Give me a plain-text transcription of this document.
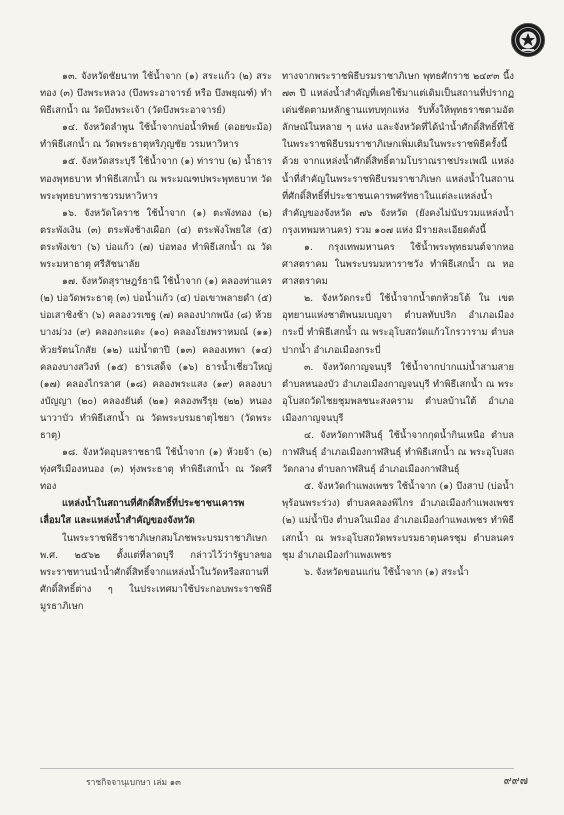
๑๓. จังหวัดชัยนาท ใช้น้ำจาก (๑) สระแก้ว (๒) สระทอง (๓) บึงพระหลวง (บึงพระอาจารย์ หรือ บึงพยุณฑ์) ทำพิธีเสกน้ำ ณ วัดบึงพระเจ้า (วัดบึงพระอาจารย์)

๑๔. จังหวัดลำพูน ใช้น้ำจากบ่อน้ำทิพย์ (ดอยขะม้อ) ทำพิธีเสกน้ำ ณ วัดพระธาตุหริภุญชัย วรมหาวิหาร

๑๕. จังหวัดสระบุรี ใช้น้ำจาก (๑) ท่าราบ (๒) น้ำธารทองพุทธบาท ทำพิธีเสกน้ำ ณ พระมณฑปพระพุทธบาท วัดพระพุทธบาทราชวรมหาวิหาร

๑๖. จังหวัดโคราช ใช้น้ำจาก (๑) ตะพังทอง (๒) ตระพังเงิน (๓) ตระพังช้างเผือก (๔) ตระพังโพยใส (๕) ตระพังเขา (๖) บ่อแก้ว (๗) บ่อทอง ทำพิธีเสกน้ำ ณ วัดพระมหาธาตุ ศรีสัชนาลัย

๑๗. จังหวัดสุราษฎร์ธานี ใช้น้ำจาก (๑) คลองท่าแคร (๒) บ่อวัดพระธาตุ (๓) บ่อน้ำแก้ว (๔) บ่อเขาพลายดำ (๕) บ่อเสาชิงช้า (๖) คลองวรเซฐ (๗) คลองปากพนัง (๘) ห้วยบางม่วง (๙) คลองกะแดะ (๑๐) คลองโยงพราหมณ์ (๑๑) ห้วยรัตนโกสัย (๑๒) แม่น้ำตาปี (๑๓) คลองเทพา (๑๔) คลองบางสวิงท์ (๑๕) ธารเสด็จ (๑๖) ธารน้ำเชี่ยวใหญ่ (๑๗) คลองไกรลาศ (๑๘) คลองพระแสง (๑๙) คลองบางบัญญา (๒๐) คลองยันต์ (๒๑) คลองพรีรุย (๒๒) หนองนาวาบัว ทำพิธีเสกน้ำ ณ วัดพระบรมธาตุไชยา (วัดพระธาตุ)

๑๘. จังหวัดอุบลราชธานี ใช้น้ำจาก (๑) ห้วยจ้า (๒) ทุ่งศรีเมืองหนอง (๓) ทุ่งพระธาตุ ทำพิธีเสกน้ำ ณ วัดศรีทอง

แหล่งน้ำในสถานที่ศักดิ์สิทธิ์ที่ประชาชนเคารพเลื่อมใส และแหล่งน้ำสำคัญของจังหวัด

ในพระราชพิธีราชาภิเษกสมโภชพระบรมราชาภิเษก พ.ศ. ๒๕๖๒ ตั้งแต่ที่ลาดบุรี กล่าวไว้ว่ารัฐบาลขอพระราชทานนำน้ำศักดิ์สิทธิ์จากแหล่งน้ำในวัดหรือสถานที่ศักดิ์สิทธิ์ต่าง ๆ ในประเทศมาใช้ประกอบพระราชพิธีมูรธาภิเษก

ทางจากพระราชพิธีบรมราชาภิเษก พุทธศักราช ๒๔๙๓ นี้ง ๗๓ ปี แหล่งน้ำสำคัญที่เคยใช้มาแต่เดิมเป็นสถานที่ปรากฏเด่นชัดตามหลักฐานแทบทุกแห่ง รับทั้งให้พุทธราชตามอัตลักษณ์ในหลาย ๆ แห่ง และจังหวัดที่ได้นำน้ำศักดิ์สิทธิ์ที่ใช้ในพระราชพิธีบรมราชาภิเษกเพิ่มเติมในพระราชพิธีครั้งนี้ด้วย จากแหล่งน้ำศักดิ์สิทธิ์ตามโบราณราชประเพณี แหล่งน้ำที่สำคัญในพระราชพิธีบรมราชาภิเษก แหล่งน้ำในสถานที่ศักดิ์สิทธิ์ที่ประชาชนเคารพศรัทธาในแต่ละแหล่งน้ำสำคัญของจังหวัด ๗๖ จังหวัด (ยังคงไม่นับรวมแหล่งน้ำกรุงเทพมหานคร) รวม ๑๐๗ แห่ง มีรายละเอียดดังนี้

๑. กรุงเทพมหานคร ใช้น้ำพระพุทธมนต์จากหอศาสตราคม ในพระบรมมหาราชวัง ทำพิธีเสกน้ำ ณ หอศาสตราคม

๒. จังหวัดกระบี่ ใช้น้ำจากน้ำตกห้วยโต้ ใน เขตอุทยานแห่งชาติพนมเบญจา ตำบลทับปริก อำเภอเมืองกระบี่ ทำพิธีเสกน้ำ ณ พระอุโบสถวัดแก้วโกรวาราม ตำบลปากน้ำ อำเภอเมืองกระบี่

๓. จังหวัดกาญจนบุรี ใช้น้ำจากปากแม่น้ำสามสาย ตำบลหนองบัว อำเภอเมืองกาญจนบุรี ทำพิธีเสกน้ำ ณ พระอุโบสถวัดไชยชุมพลชนะสงคราม ตำบลบ้านใต้ อำเภอเมืองกาญจนบุรี

๔. จังหวัดกาฬสินธุ์ ใช้น้ำจากกุดน้ำกินเหนือ ตำบลกาฬสินธุ์ อำเภอเมืองกาฬสินธุ์ ทำพิธีเสกน้ำ ณ พระอุโบสถวัดกลาง ตำบลกาฬสินธุ์ อำเภอเมืองกาฬสินธุ์

๕. จังหวัดกำแพงเพชร ใช้น้ำจาก (๑) บึงสาป (บ่อน้ำพุร้อนพระร่วง) ตำบลคลองพิไกร อำเภอเมืองกำแพงเพชร (๒) แม่น้ำปิง ตำบลในเมือง อำเภอเมืองกำแพงเพชร ทำพิธีเสกน้ำ ณ พระอุโบสถวัดพระบรมธาตุนครชุม ตำบลนครชุม อำเภอเมืองกำแพงเพชร

๖. จังหวัดขอนแก่น ใช้น้ำจาก (๑) สระน้ำ

ราชกิจจานุเบกษา เล่ม ๑๓	๙๙๗
